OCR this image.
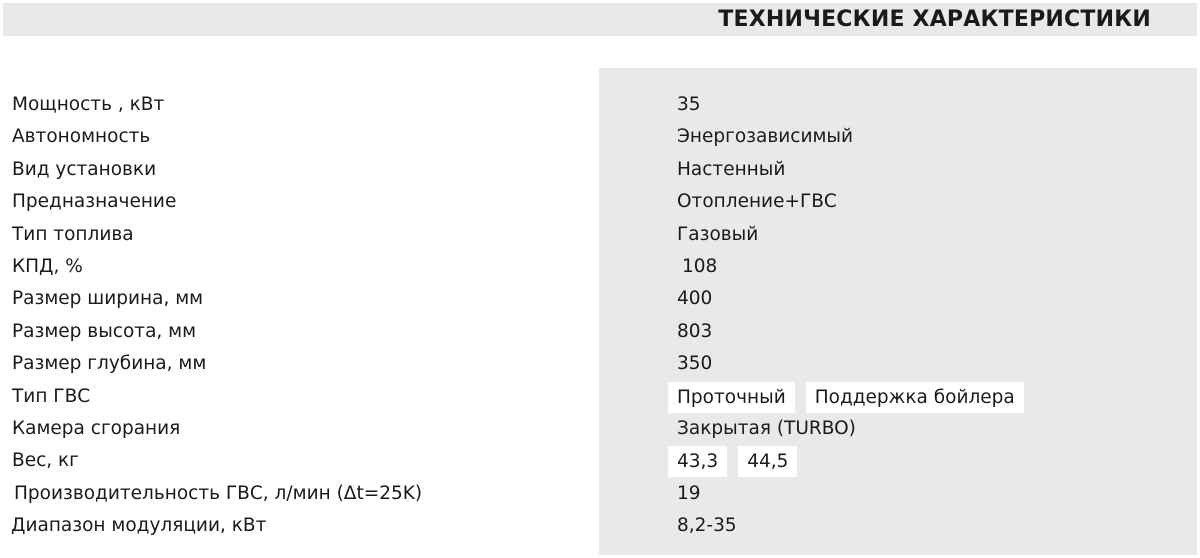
ТЕХНИЧЕСКИЕ ХАРАКТЕРИСТИКИ
Мощность , кВт	35
Автономность	Энергозависимый
Вид установки	Настенный
Предназначение	Отопление+ГВС
Тип топлива	Газовый
КПД, %	108
Размер ширина, мм	400
Размер высота, мм	803
Размер глубина, мм	350
Тип ГВС	Проточный	Поддержка бойлера
Камера сгорания	Закрытая (TURBO)
Вес, кг	43,3	44,5
Производительность ГВС, л/мин (Δt=25K)	19
Диапазон модуляции, кВт	8,2-35
